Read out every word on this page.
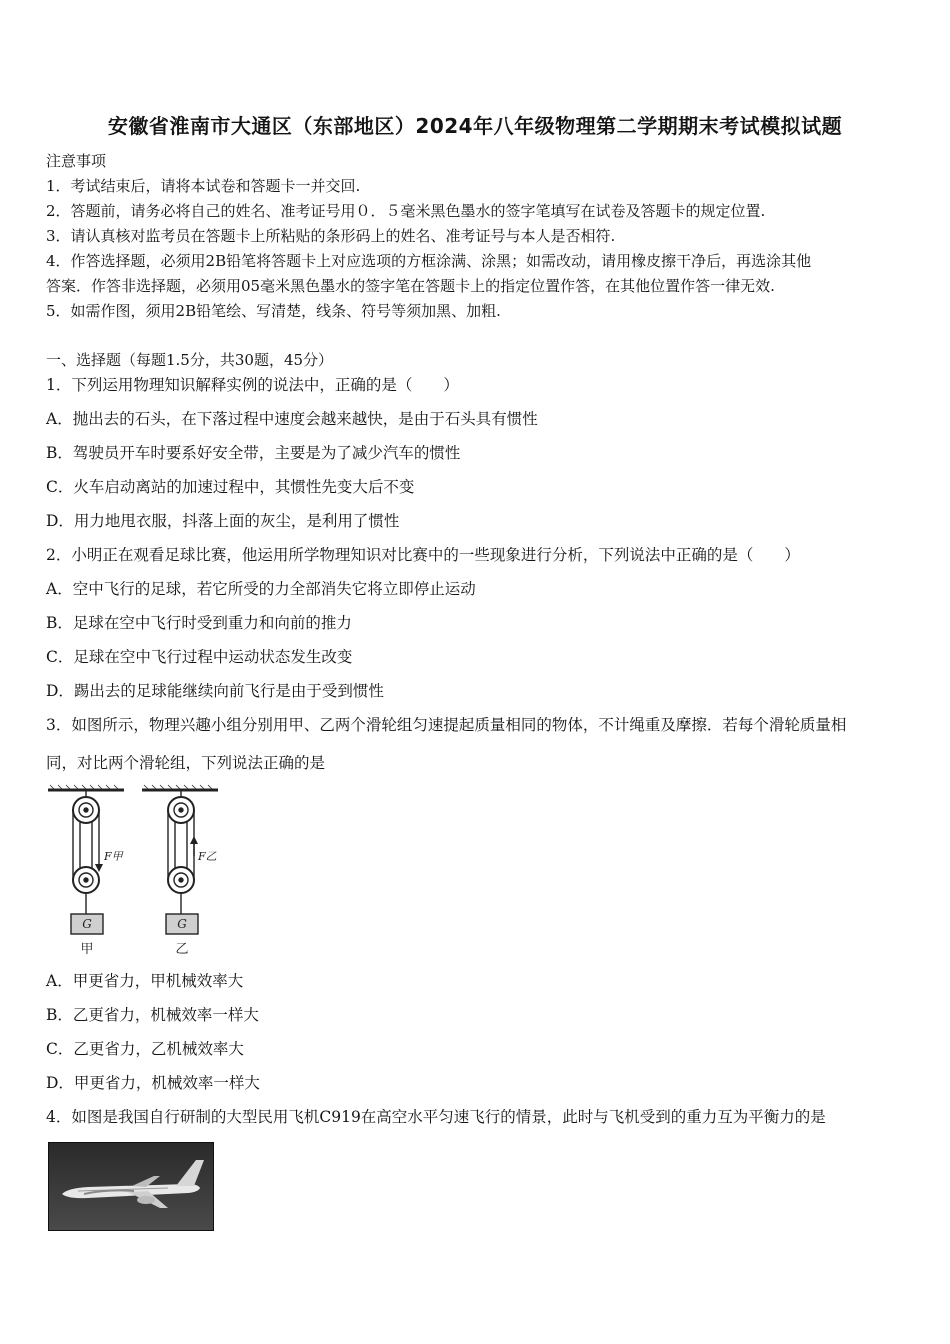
安徽省淮南市大通区（东部地区）2024年八年级物理第二学期期末考试模拟试题
注意事项
1．考试结束后，请将本试卷和答题卡一并交回.
2．答题前，请务必将自己的姓名、准考证号用０．５毫米黑色墨水的签字笔填写在试卷及答题卡的规定位置.
3．请认真核对监考员在答题卡上所粘贴的条形码上的姓名、准考证号与本人是否相符.
4．作答选择题，必须用2B铅笔将答题卡上对应选项的方框涂满、涂黑；如需改动，请用橡皮擦干净后，再选涂其他
答案．作答非选择题，必须用05毫米黑色墨水的签字笔在答题卡上的指定位置作答，在其他位置作答一律无效.
5．如需作图，须用2B铅笔绘、写清楚，线条、符号等须加黑、加粗.
一、选择题（每题1.5分，共30题，45分）
1．下列运用物理知识解释实例的说法中，正确的是（　　）
A．抛出去的石头，在下落过程中速度会越来越快，是由于石头具有惯性
B．驾驶员开车时要系好安全带，主要是为了减少汽车的惯性
C．火车启动离站的加速过程中，其惯性先变大后不变
D．用力地甩衣服，抖落上面的灰尘，是利用了惯性
2．小明正在观看足球比赛，他运用所学物理知识对比赛中的一些现象进行分析，下列说法中正确的是（　　）
A．空中飞行的足球，若它所受的力全部消失它将立即停止运动
B．足球在空中飞行时受到重力和向前的推力
C．足球在空中飞行过程中运动状态发生改变
D．踢出去的足球能继续向前飞行是由于受到惯性
3．如图所示，物理兴趣小组分别用甲、乙两个滑轮组匀速提起质量相同的物体，不计绳重及摩擦．若每个滑轮质量相
同，对比两个滑轮组，下列说法正确的是
F甲	F乙
G	G
甲	乙
A．甲更省力，甲机械效率大
B．乙更省力，机械效率一样大
C．乙更省力，乙机械效率大
D．甲更省力，机械效率一样大
4．如图是我国自行研制的大型民用飞机C919在高空水平匀速飞行的情景，此时与飞机受到的重力互为平衡力的是
